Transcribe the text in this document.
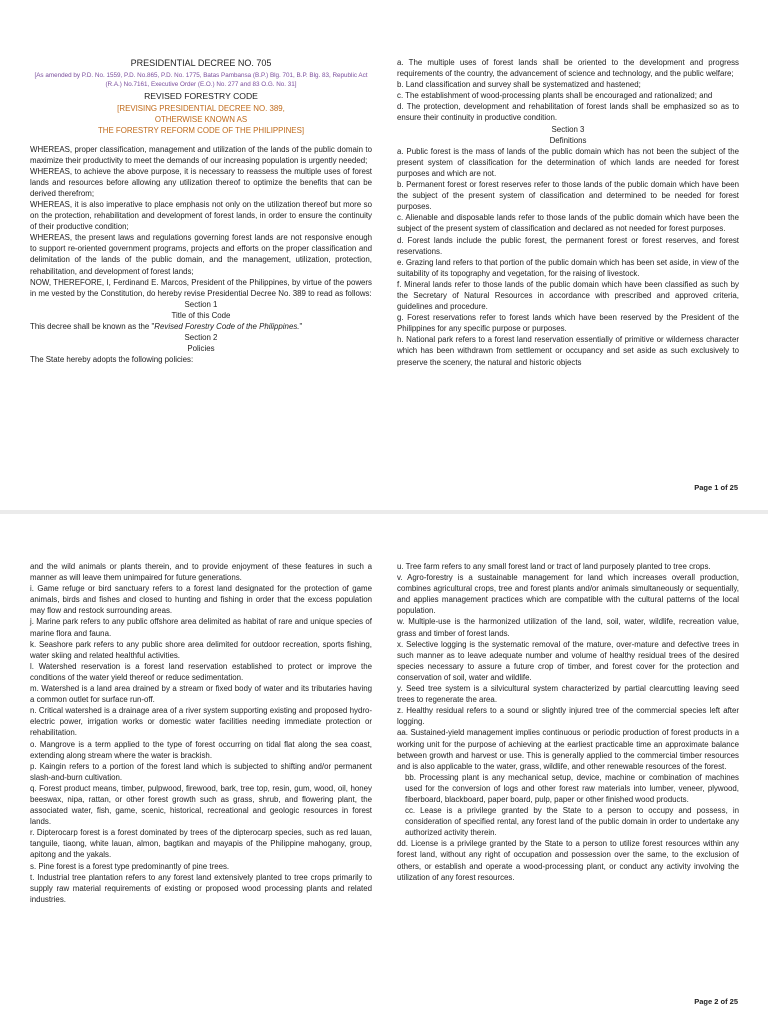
PRESIDENTIAL DECREE NO. 705

[As amended by P.D. No. 1559, P.D. No.865, P.D. No. 1775, Batas Pambansa (B.P.) Blg. 701, B.P. Blg. 83, Republic Act (R.A.) No.7161, Executive Order (E.O.) No. 277 and 83 O.G. No. 31]

REVISED FORESTRY CODE

[REVISING PRESIDENTIAL DECREE NO. 389,

OTHERWISE KNOWN AS

THE FORESTRY REFORM CODE OF THE PHILIPPINES]

WHEREAS, proper classification, management and utilization of the lands of the public domain to maximize their productivity to meet the demands of our increasing population is urgently needed;

WHEREAS, to achieve the above purpose, it is necessary to reassess the multiple uses of forest lands and resources before allowing any utilization thereof to optimize the benefits that can be derived therefrom;

WHEREAS, it is also imperative to place emphasis not only on the utilization thereof but more so on the protection, rehabilitation and development of forest lands, in order to ensure the continuity of their productive condition;

WHEREAS, the present laws and regulations governing forest lands are not responsive enough to support re-oriented government programs, projects and efforts on the proper classification and delimitation of the lands of the public domain, and the management, utilization, protection, rehabilitation, and development of forest lands;

NOW, THEREFORE, I, Ferdinand E. Marcos, President of the Philippines, by virtue of the powers in me vested by the Constitution, do hereby revise Presidential Decree No. 389 to read as follows:

Section 1

Title of this Code

This decree shall be known as the "Revised Forestry Code of the Philippines."

Section 2

Policies

The State hereby adopts the following policies:

a. The multiple uses of forest lands shall be oriented to the development and progress requirements of the country, the advancement of science and technology, and the public welfare;

b. Land classification and survey shall be systematized and hastened;

c. The establishment of wood-processing plants shall be encouraged and rationalized; and

d. The protection, development and rehabilitation of forest lands shall be emphasized so as to ensure their continuity in productive condition.

Section 3

Definitions

a. Public forest is the mass of lands of the public domain which has not been the subject of the present system of classification for the determination of which lands are needed for forest purposes and which are not.

b. Permanent forest or forest reserves refer to those lands of the public domain which have been the subject of the present system of classification and determined to be needed for forest purposes.

c. Alienable and disposable lands refer to those lands of the public domain which have been the subject of the present system of classification and declared as not needed for forest purposes.

d. Forest lands include the public forest, the permanent forest or forest reserves, and forest reservations.

e. Grazing land refers to that portion of the public domain which has been set aside, in view of the suitability of its topography and vegetation, for the raising of livestock.

f. Mineral lands refer to those lands of the public domain which have been classified as such by the Secretary of Natural Resources in accordance with prescribed and approved criteria, guidelines and procedure.

g. Forest reservations refer to forest lands which have been reserved by the President of the Philippines for any specific purpose or purposes.

h. National park refers to a forest land reservation essentially of primitive or wilderness character which has been withdrawn from settlement or occupancy and set aside as such exclusively to preserve the scenery, the natural and historic objects

Page 1 of 25

and the wild animals or plants therein, and to provide enjoyment of these features in such a manner as will leave them unimpaired for future generations.

i. Game refuge or bird sanctuary refers to a forest land designated for the protection of game animals, birds and fishes and closed to hunting and fishing in order that the excess population may flow and restock surrounding areas.

j. Marine park refers to any public offshore area delimited as habitat of rare and unique species of marine flora and fauna.

k. Seashore park refers to any public shore area delimited for outdoor recreation, sports fishing, water skiing and related healthful activities.

l. Watershed reservation is a forest land reservation established to protect or improve the conditions of the water yield thereof or reduce sedimentation.

m. Watershed is a land area drained by a stream or fixed body of water and its tributaries having a common outlet for surface run-off.

n. Critical watershed is a drainage area of a river system supporting existing and proposed hydro-electric power, irrigation works or domestic water facilities needing immediate protection or rehabilitation.

o. Mangrove is a term applied to the type of forest occurring on tidal flat along the sea coast, extending along stream where the water is brackish.

p. Kaingin refers to a portion of the forest land which is subjected to shifting and/or permanent slash-and-burn cultivation.

q. Forest product means, timber, pulpwood, firewood, bark, tree top, resin, gum, wood, oil, honey beeswax, nipa, rattan, or other forest growth such as grass, shrub, and flowering plant, the associated water, fish, game, scenic, historical, recreational and geologic resources in forest lands.

r. Dipterocarp forest is a forest dominated by trees of the dipterocarp species, such as red lauan, tanguile, tiaong, white lauan, almon, bagtikan and mayapis of the Philippine mahogany, group, apitong and the yakals.

s. Pine forest is a forest type predominantly of pine trees.

t. Industrial tree plantation refers to any forest land extensively planted to tree crops primarily to supply raw material requirements of existing or proposed wood processing plants and related industries.

u. Tree farm refers to any small forest land or tract of land purposely planted to tree crops.

v. Agro-forestry is a sustainable management for land which increases overall production, combines agricultural crops, tree and forest plants and/or animals simultaneously or sequentially, and applies management practices which are compatible with the cultural patterns of the local population.

w. Multiple-use is the harmonized utilization of the land, soil, water, wildlife, recreation value, grass and timber of forest lands.

x. Selective logging is the systematic removal of the mature, over-mature and defective trees in such manner as to leave adequate number and volume of healthy residual trees of the desired species necessary to assure a future crop of timber, and forest cover for the protection and conservation of soil, water and wildlife.

y. Seed tree system is a silvicultural system characterized by partial clearcutting leaving seed trees to regenerate the area.

z. Healthy residual refers to a sound or slightly injured tree of the commercial species left after logging.

aa. Sustained-yield management implies continuous or periodic production of forest products in a working unit for the purpose of achieving at the earliest practicable time an approximate balance between growth and harvest or use. This is generally applied to the commercial timber resources and is also applicable to the water, grass, wildlife, and other renewable resources of the forest.

bb. Processing plant is any mechanical setup, device, machine or combination of machines used for the conversion of logs and other forest raw materials into lumber, veneer, plywood, fiberboard, blackboard, paper board, pulp, paper or other finished wood products.

cc. Lease is a privilege granted by the State to a person to occupy and possess, in consideration of specified rental, any forest land of the public domain in order to undertake any authorized activity therein.

dd. License is a privilege granted by the State to a person to utilize forest resources within any forest land, without any right of occupation and possession over the same, to the exclusion of others, or establish and operate a wood-processing plant, or conduct any activity involving the utilization of any forest resources.

Page 2 of 25
